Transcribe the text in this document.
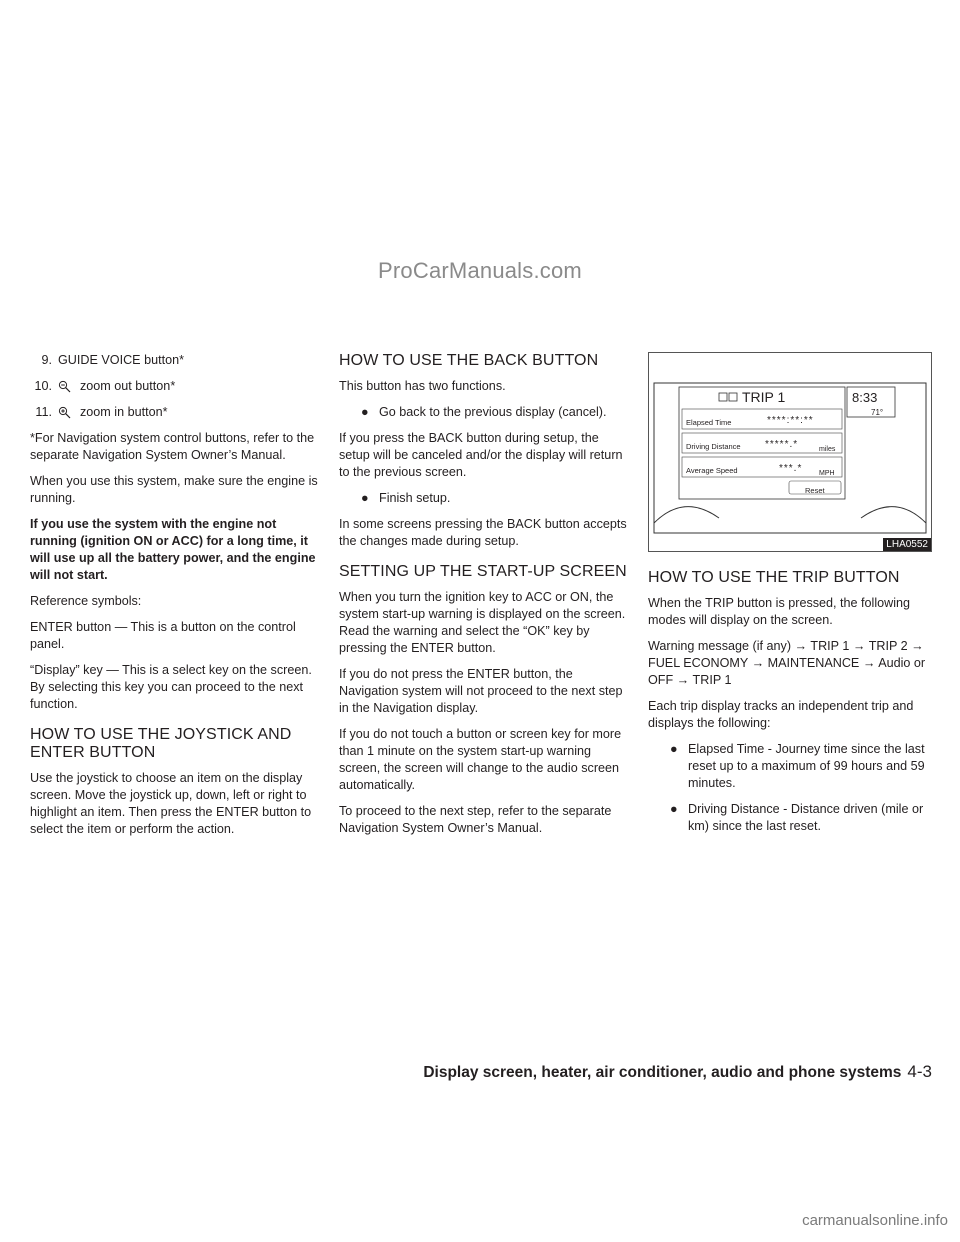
ProCarManuals.com

9. GUIDE VOICE button*

10. zoom out button*

11. zoom in button*

*For Navigation system control buttons, refer to the separate Navigation System Owner’s Manual.

When you use this system, make sure the engine is running.

If you use the system with the engine not running (ignition ON or ACC) for a long time, it will use up all the battery power, and the engine will not start.

Reference symbols:

ENTER button — This is a button on the control panel.

“Display” key — This is a select key on the screen. By selecting this key you can proceed to the next function.

HOW TO USE THE JOYSTICK AND ENTER BUTTON

Use the joystick to choose an item on the display screen. Move the joystick up, down, left or right to highlight an item. Then press the ENTER button to select the item or perform the action.

HOW TO USE THE BACK BUTTON

This button has two functions.

● Go back to the previous display (cancel).

If you press the BACK button during setup, the setup will be canceled and/or the display will return to the previous screen.

● Finish setup.

In some screens pressing the BACK button accepts the changes made during setup.

SETTING UP THE START-UP SCREEN

When you turn the ignition key to ACC or ON, the system start-up warning is displayed on the screen. Read the warning and select the “OK” key by pressing the ENTER button.

If you do not press the ENTER button, the Navigation system will not proceed to the next step in the Navigation display.

If you do not touch a button or screen key for more than 1 minute on the system start-up warning screen, the screen will change to the audio screen automatically.

To proceed to the next step, refer to the separate Navigation System Owner’s Manual.

TRIP 1	8:33
71°
Elapsed Time	****:**:**
Driving Distance *****.*	miles
Average Speed	***.* MPH
Reset
LHA0552
HOW TO USE THE TRIP BUTTON

When the TRIP button is pressed, the following modes will display on the screen.

Warning message (if any) → TRIP 1 → TRIP 2 → FUEL ECONOMY → MAINTENANCE → Audio or OFF → TRIP 1

Each trip display tracks an independent trip and displays the following:

● Elapsed Time - Journey time since the last reset up to a maximum of 99 hours and 59 minutes.

● Driving Distance - Distance driven (mile or km) since the last reset.

Display screen, heater, air conditioner, audio and phone systems 4-3
carmanualsonline.info
